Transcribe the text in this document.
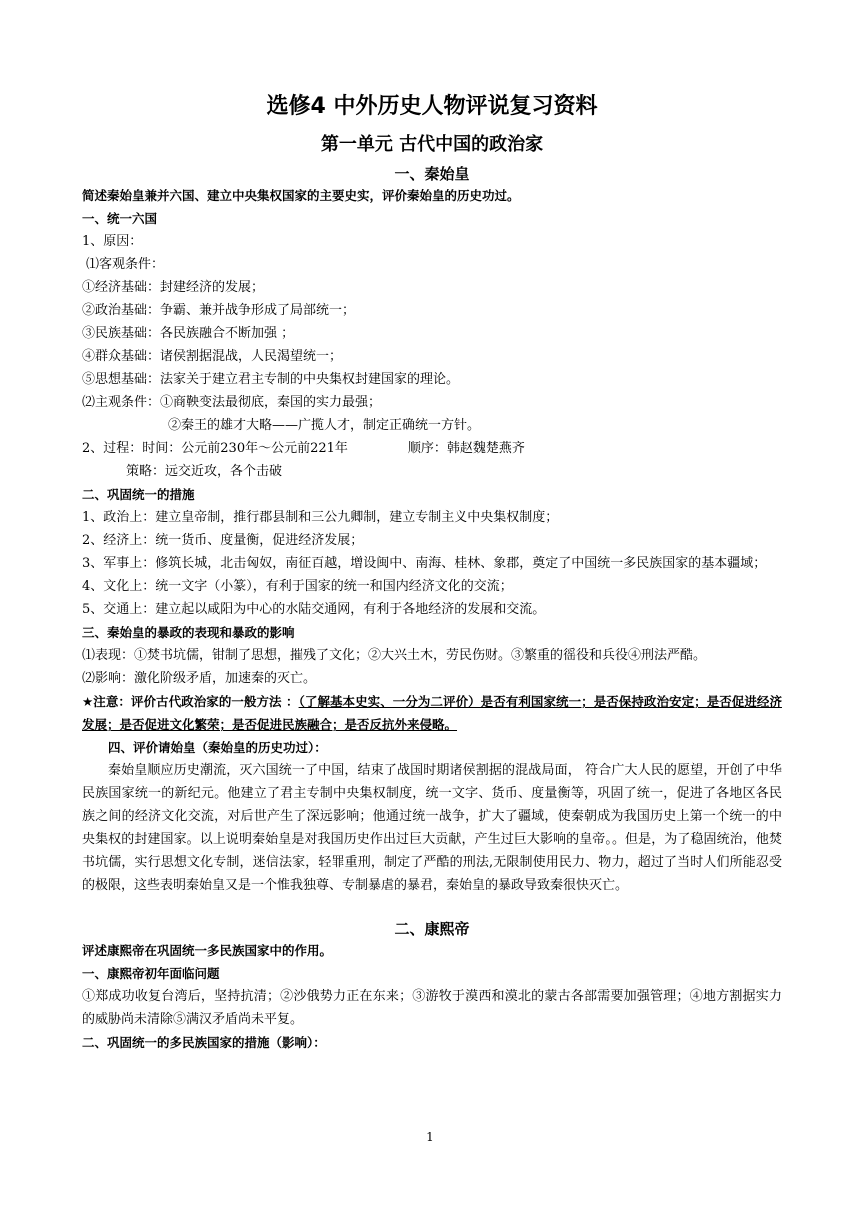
选修4 中外历史人物评说复习资料
第一单元 古代中国的政治家
一、秦始皇

简述秦始皇兼并六国、建立中央集权国家的主要史实，评价秦始皇的历史功过。

一、统一六国

1、原因：

⑴客观条件：

①经济基础：封建经济的发展；

②政治基础：争霸、兼并战争形成了局部统一；

③民族基础：各民族融合不断加强 ；

④群众基础：诸侯割据混战，人民渴望统一；

⑤思想基础：法家关于建立君主专制的中央集权封建国家的理论。

⑵主观条件：①商鞅变法最彻底，秦国的实力最强；

②秦王的雄才大略——广揽人才，制定正确统一方针。

2、过程：时间：公元前230年～公元前221年	顺序：韩赵魏楚燕齐

策略：远交近攻，各个击破

二、巩固统一的措施

1、政治上：建立皇帝制，推行郡县制和三公九卿制，建立专制主义中央集权制度；

2、经济上：统一货币、度量衡，促进经济发展；

3、军事上：修筑长城，北击匈奴，南征百越，增设闽中、南海、桂林、象郡，奠定了中国统一多民族国家的基本疆域；

4、文化上：统一文字（小篆），有利于国家的统一和国内经济文化的交流；

5、交通上：建立起以咸阳为中心的水陆交通网，有利于各地经济的发展和交流。

三、秦始皇的暴政的表现和暴政的影响

⑴表现：①焚书坑儒，钳制了思想，摧残了文化；②大兴土木，劳民伤财。③繁重的徭役和兵役④刑法严酷。

⑵影响：激化阶级矛盾，加速秦的灭亡。

★注意：评价古代政治家的一般方法 ：（了解基本史实、一分为二评价）是否有利国家统一；是否保持政治安定；是否促进经济发展；是否促进文化繁荣；是否促进民族融合；是否反抗外来侵略。

四、评价请始皇（秦始皇的历史功过）：

秦始皇顺应历史潮流，灭六国统一了中国，结束了战国时期诸侯割据的混战局面， 符合广大人民的愿望，开创了中华民族国家统一的新纪元。他建立了君主专制中央集权制度，统一文字、货币、度量衡等，巩固了统一，促进了各地区各民族之间的经济文化交流，对后世产生了深远影响；他通过统一战争，扩大了疆域，使秦朝成为我国历史上第一个统一的中央集权的封建国家。以上说明秦始皇是对我国历史作出过巨大贡献，产生过巨大影响的皇帝。。但是，为了稳固统治，他焚书坑儒，实行思想文化专制，迷信法家，轻罪重刑，制定了严酷的刑法,无限制使用民力、物力，超过了当时人们所能忍受的极限，这些表明秦始皇又是一个惟我独尊、专制暴虐的暴君，秦始皇的暴政导致秦很快灭亡。

二、康熙帝

评述康熙帝在巩固统一多民族国家中的作用。

一、康熙帝初年面临问题

①郑成功收复台湾后，坚持抗清；②沙俄势力正在东来；③游牧于漠西和漠北的蒙古各部需要加强管理；④地方割据实力的威胁尚未清除⑤满汉矛盾尚未平复。

二、巩固统一的多民族国家的措施（影响）：

1
